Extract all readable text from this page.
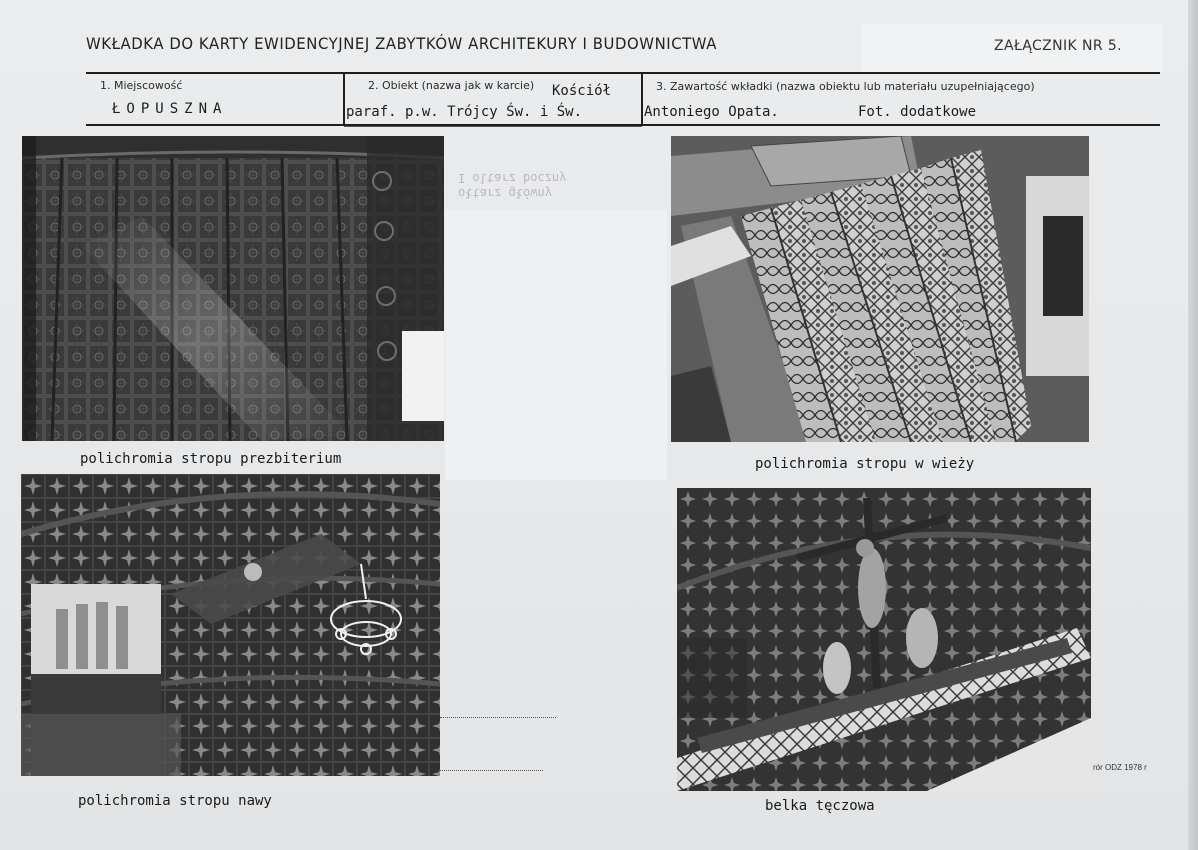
WKŁADKA DO KARTY EWIDENCYJNEJ ZABYTKÓW ARCHITEKURY I BUDOWNICTWA	ZAŁĄCZNIK NR 5.
1. Miejscowość
ŁOPUSZNA
2. Obiekt (nazwa jak w karcie) Kościół
paraf. p.w. Trójcy Św. i Św.
3. Zawartość wkładki (nazwa obiektu lub materiału uzupełniającego)
Antoniego Opata.	Fot. dodatkowe
ołtarz główny
I oltarz boczny
polichromia stropu prezbiterium	polichromia stropu w wieży
polichromia stropu nawy	belka tęczowa
rór ODZ 1978 r
